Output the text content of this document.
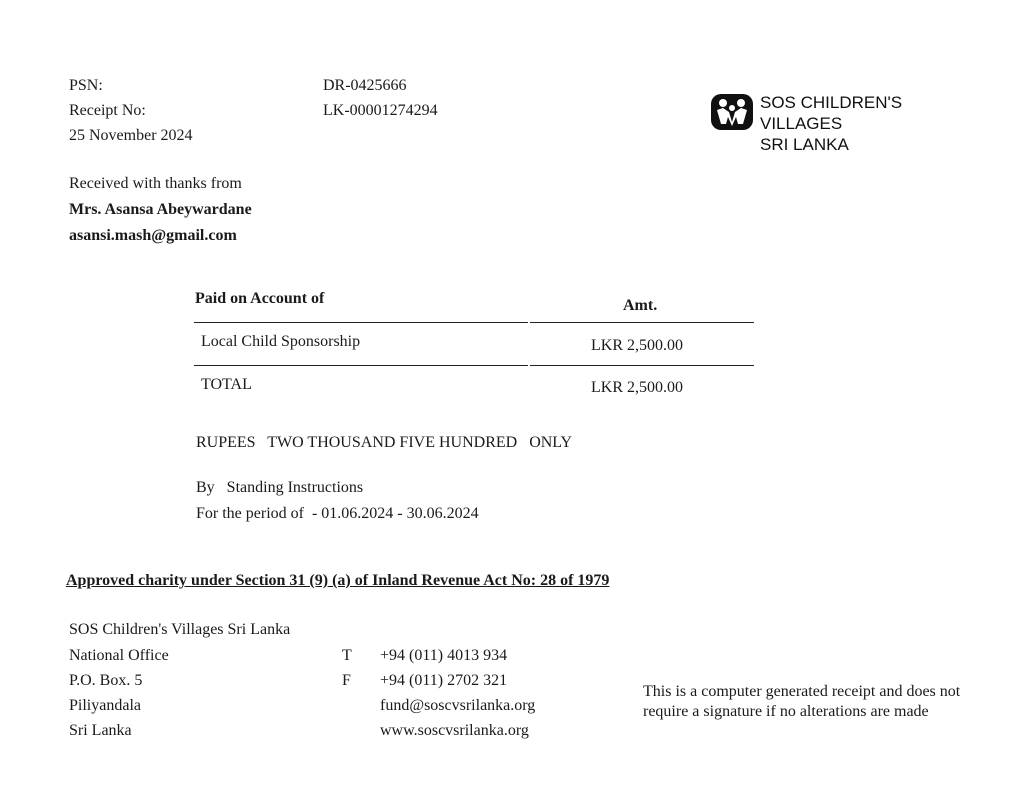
PSN:	DR-0425666
Receipt No:	LK-00001274294
25 November 2024
SOS CHILDREN'S
VILLAGES
SRI LANKA
Received with thanks from
Mrs. Asansa Abeywardane
asansi.mash@gmail.com
Paid on Account of	Amt.
Local Child Sponsorship	LKR 2,500.00
TOTAL	LKR 2,500.00
RUPEES   TWO THOUSAND FIVE HUNDRED   ONLY
By   Standing Instructions
For the period of  - 01.06.2024 - 30.06.2024
Approved charity under Section 31 (9) (a) of Inland Revenue Act No: 28 of 1979
SOS Children's Villages Sri Lanka
National Office
P.O. Box. 5
Piliyandala
Sri Lanka
T +94 (011) 4013 934
F +94 (011) 2702 321
fund@soscvsrilanka.org
www.soscvsrilanka.org
This is a computer generated receipt and does not require a signature if no alterations are made
